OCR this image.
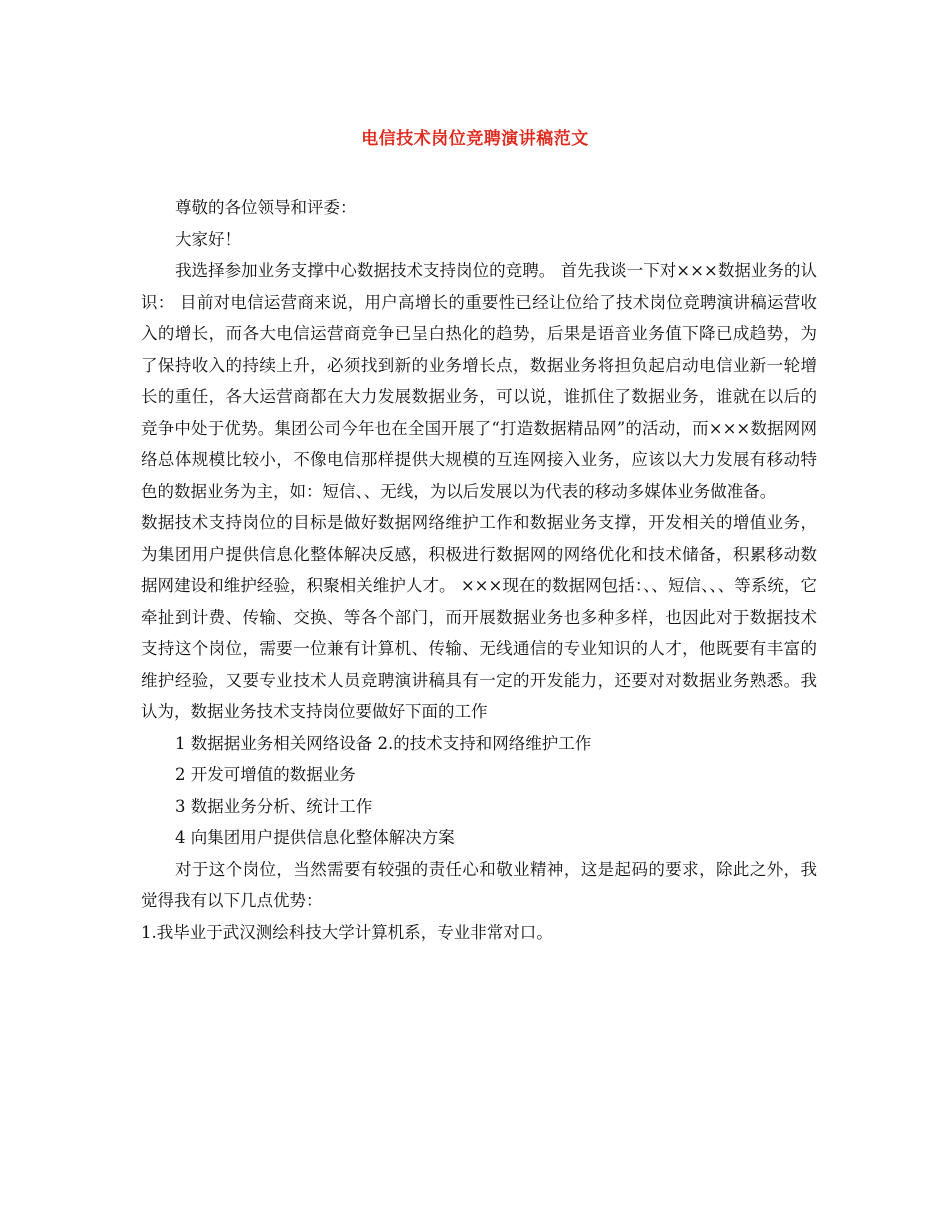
电信技术岗位竞聘演讲稿范文

尊敬的各位领导和评委：

大家好！

我选择参加业务支撑中心数据技术支持岗位的竞聘。 首先我谈一下对×××数据业务的认识： 目前对电信运营商来说，用户高增长的重要性已经让位给了技术岗位竞聘演讲稿运营收入的增长，而各大电信运营商竞争已呈白热化的趋势，后果是语音业务值下降已成趋势，为了保持收入的持续上升，必须找到新的业务增长点，数据业务将担负起启动电信业新一轮增长的重任，各大运营商都在大力发展数据业务，可以说，谁抓住了数据业务，谁就在以后的竞争中处于优势。集团公司今年也在全国开展了“打造数据精品网”的活动，而×××数据网网络总体规模比较小，不像电信那样提供大规模的互连网接入业务，应该以大力发展有移动特色的数据业务为主，如：短信、、无线，为以后发展以为代表的移动多媒体业务做准备。

数据技术支持岗位的目标是做好数据网络维护工作和数据业务支撑，开发相关的增值业务，为集团用户提供信息化整体解决反感，积极进行数据网的网络优化和技术储备，积累移动数据网建设和维护经验，积聚相关维护人才。 ×××现在的数据网包括：、、短信、、、等系统，它牵扯到计费、传输、交换、等各个部门，而开展数据业务也多种多样，也因此对于数据技术支持这个岗位，需要一位兼有计算机、传输、无线通信的专业知识的人才，他既要有丰富的维护经验，又要专业技术人员竞聘演讲稿具有一定的开发能力，还要对对数据业务熟悉。我认为，数据业务技术支持岗位要做好下面的工作

1 数据据业务相关网络设备 2.的技术支持和网络维护工作

2 开发可增值的数据业务

3 数据业务分析、统计工作

4 向集团用户提供信息化整体解决方案

对于这个岗位，当然需要有较强的责任心和敬业精神，这是起码的要求，除此之外，我觉得我有以下几点优势：

1.我毕业于武汉测绘科技大学计算机系，专业非常对口。
